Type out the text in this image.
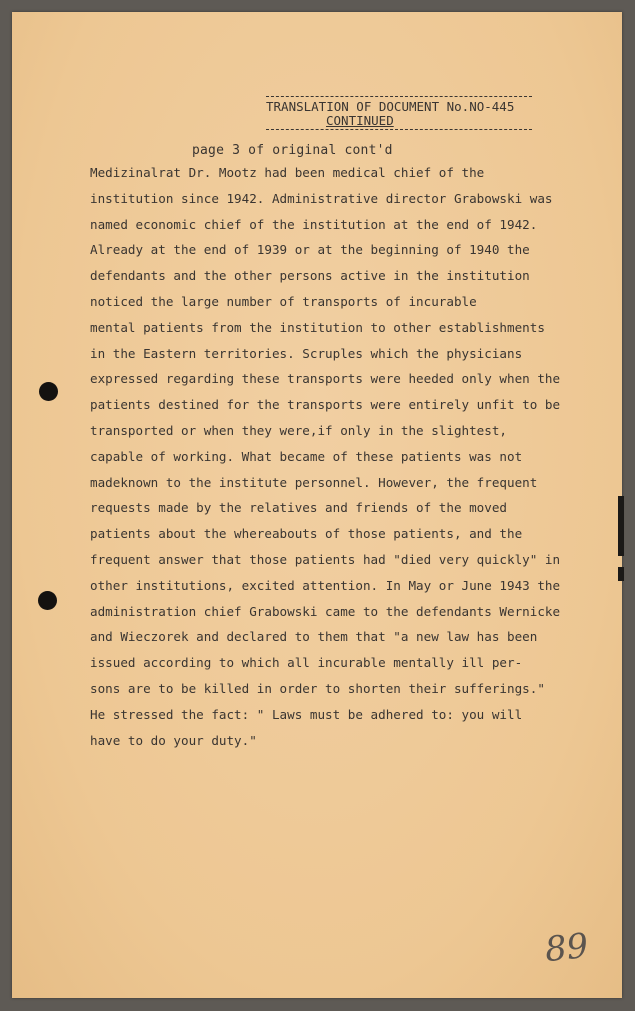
TRANSLATION OF DOCUMENT No.NO-445
CONTINUED
page 3 of original cont'd
Medizinalrat Dr. Mootz had been medical chief of the
institution since 1942. Administrative director Grabowski was
named economic chief of the institution at the end of 1942.
Already at the end of 1939 or at the beginning of 1940 the
defendants and the other persons active in the institution
noticed the large number of transports of incurable
mental patients from the institution to other establishments
in the Eastern territories. Scruples which the physicians
expressed regarding these transports were heeded only when the
patients destined for the transports were entirely unfit to be
transported or when they were,if only in the slightest,
capable of working. What became of these patients was not
madeknown to the institute personnel. However, the frequent
requests made by the relatives and friends of the moved
patients about the whereabouts of those patients, and the
frequent answer that those patients had "died very quickly" in
other institutions, excited attention. In May or June 1943 the
administration chief Grabowski came to the defendants Wernicke
and Wieczorek and declared to them that "a new law has been
issued according to which all incurable mentally ill per-
sons are to be killed in order to shorten their sufferings."
He stressed the fact: " Laws must be adhered to: you will
have to do your duty."
89
